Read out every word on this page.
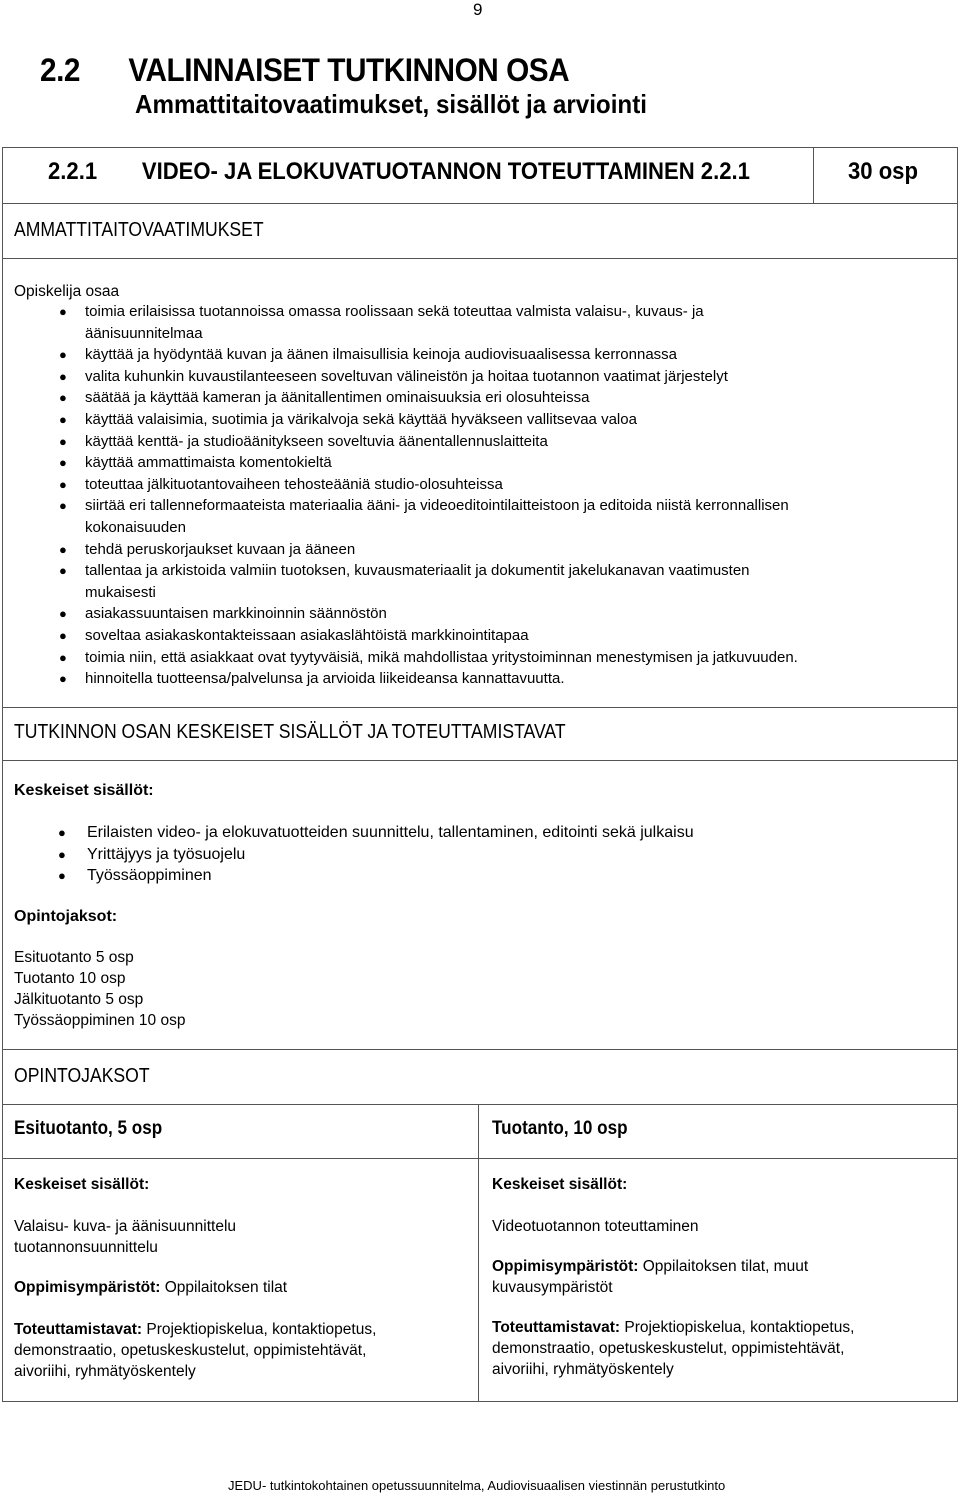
9
2.2 VALINNAISET TUTKINNON OSA
Ammattitaitovaatimukset, sisällöt ja arviointi
2.2.1 VIDEO- JA ELOKUVATUOTANNON TOTEUTTAMINEN 2.2.1	30 osp
AMMATTITAITOVAATIMUKSET
Opiskelija osaa
● toimia erilaisissa tuotannoissa omassa roolissaan sekä toteuttaa valmista valaisu-, kuvaus- ja
äänisuunnitelmaa
● käyttää ja hyödyntää kuvan ja äänen ilmaisullisia keinoja audiovisuaalisessa kerronnassa
● valita kuhunkin kuvaustilanteeseen soveltuvan välineistön ja hoitaa tuotannon vaatimat järjestelyt
● säätää ja käyttää kameran ja äänitallentimen ominaisuuksia eri olosuhteissa
● käyttää valaisimia, suotimia ja värikalvoja sekä käyttää hyväkseen vallitsevaa valoa
● käyttää kenttä- ja studioäänitykseen soveltuvia äänentallennuslaitteita
● käyttää ammattimaista komentokieltä
● toteuttaa jälkituotantovaiheen tehosteääniä studio-olosuhteissa
● siirtää eri tallenneformaateista materiaalia ääni- ja videoeditointilaitteistoon ja editoida niistä kerronnallisen
kokonaisuuden
● tehdä peruskorjaukset kuvaan ja ääneen
● tallentaa ja arkistoida valmiin tuotoksen, kuvausmateriaalit ja dokumentit jakelukanavan vaatimusten
mukaisesti
● asiakassuuntaisen markkinoinnin säännöstön
● soveltaa asiakaskontakteissaan asiakaslähtöistä markkinointitapaa
● toimia niin, että asiakkaat ovat tyytyväisiä, mikä mahdollistaa yritystoiminnan menestymisen ja jatkuvuuden.
● hinnoitella tuotteensa/palvelunsa ja arvioida liikeideansa kannattavuutta.
TUTKINNON OSAN KESKEISET SISÄLLÖT JA TOTEUTTAMISTAVAT
Keskeiset sisällöt:
● Erilaisten video- ja elokuvatuotteiden suunnittelu, tallentaminen, editointi sekä julkaisu
● Yrittäjyys ja työsuojelu
● Työssäoppiminen
Opintojaksot:
Esituotanto 5 osp
Tuotanto 10 osp
Jälkituotanto 5 osp
Työssäoppiminen 10 osp
OPINTOJAKSOT
Esituotanto, 5 osp	Tuotanto, 10 osp
Keskeiset sisällöt:
Valaisu- kuva- ja äänisuunnittelu
tuotannonsuunnittelu
Oppimisympäristöt: Oppilaitoksen tilat
Toteuttamistavat: Projektiopiskelua, kontaktiopetus,
demonstraatio, opetuskeskustelut, oppimistehtävät,
aivoriihi, ryhmätyöskentely
Keskeiset sisällöt:
Videotuotannon toteuttaminen
Oppimisympäristöt: Oppilaitoksen tilat, muut
kuvausympäristöt
Toteuttamistavat: Projektiopiskelua, kontaktiopetus,
demonstraatio, opetuskeskustelut, oppimistehtävät,
aivoriihi, ryhmätyöskentely
JEDU- tutkintokohtainen opetussuunnitelma, Audiovisuaalisen viestinnän perustutkinto
